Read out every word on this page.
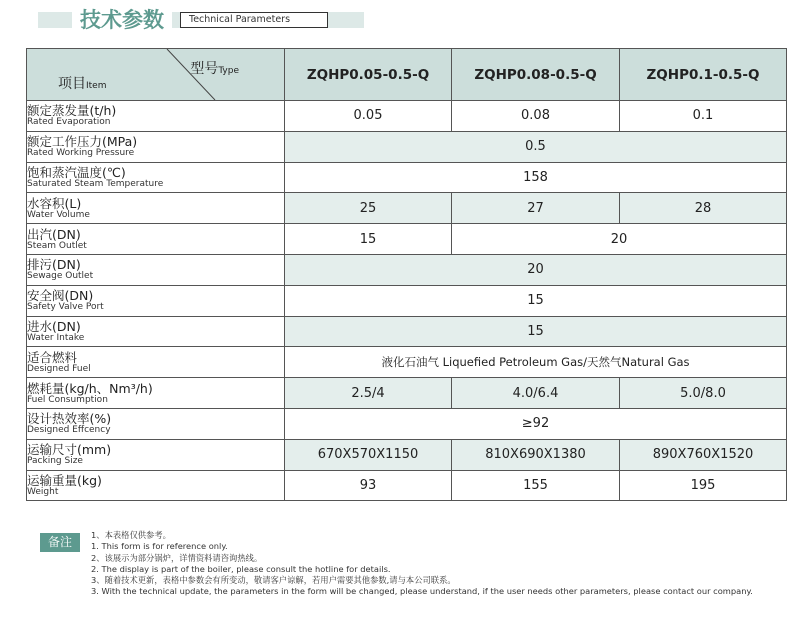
技术参数	Technical Parameters
型号Type
项目Item	ZQHP0.05-0.5-Q	ZQHP0.08-0.5-Q	ZQHP0.1-0.5-Q

额定蒸发量(t/h)
Rated Evaporation	0.05	0.08	0.1

额定工作压力(MPa)
Rated Working Pressure	0.5		

饱和蒸汽温度(℃)
Saturated Steam Temperature	158		

水容积(L)
Water Volume	25	27	28

出汽(DN)
Steam Outlet	15	20	

排污(DN)
Sewage Outlet	20		

安全阀(DN)
Safety Valve Port	15		

进水(DN)
Water Intake	15		

适合燃料
Designed Fuel	液化石油气 Liquefied Petroleum Gas/天然气Natural Gas		

燃耗量(kg/h、Nm³/h)
Fuel Consumption	2.5/4	4.0/6.4	5.0/8.0

设计热效率(%)
Designed Effcency	≥92		

运输尺寸(mm)
Packing Size	670X570X1150	810X690X1380	890X760X1520

运输重量(kg)
Weight	93	155	195
备注	1、本表格仅供参考。
1. This form is for reference only.
2、该展示为部分锅炉，详情资料请咨询热线。
2. The display is part of the boiler, please consult the hotline for details.
3、随着技术更新，表格中参数会有所变动，敬请客户谅解，若用户需要其他参数,请与本公司联系。
3. With the technical update, the parameters in the form will be changed, please understand, if the user needs other parameters, please contact our company.
